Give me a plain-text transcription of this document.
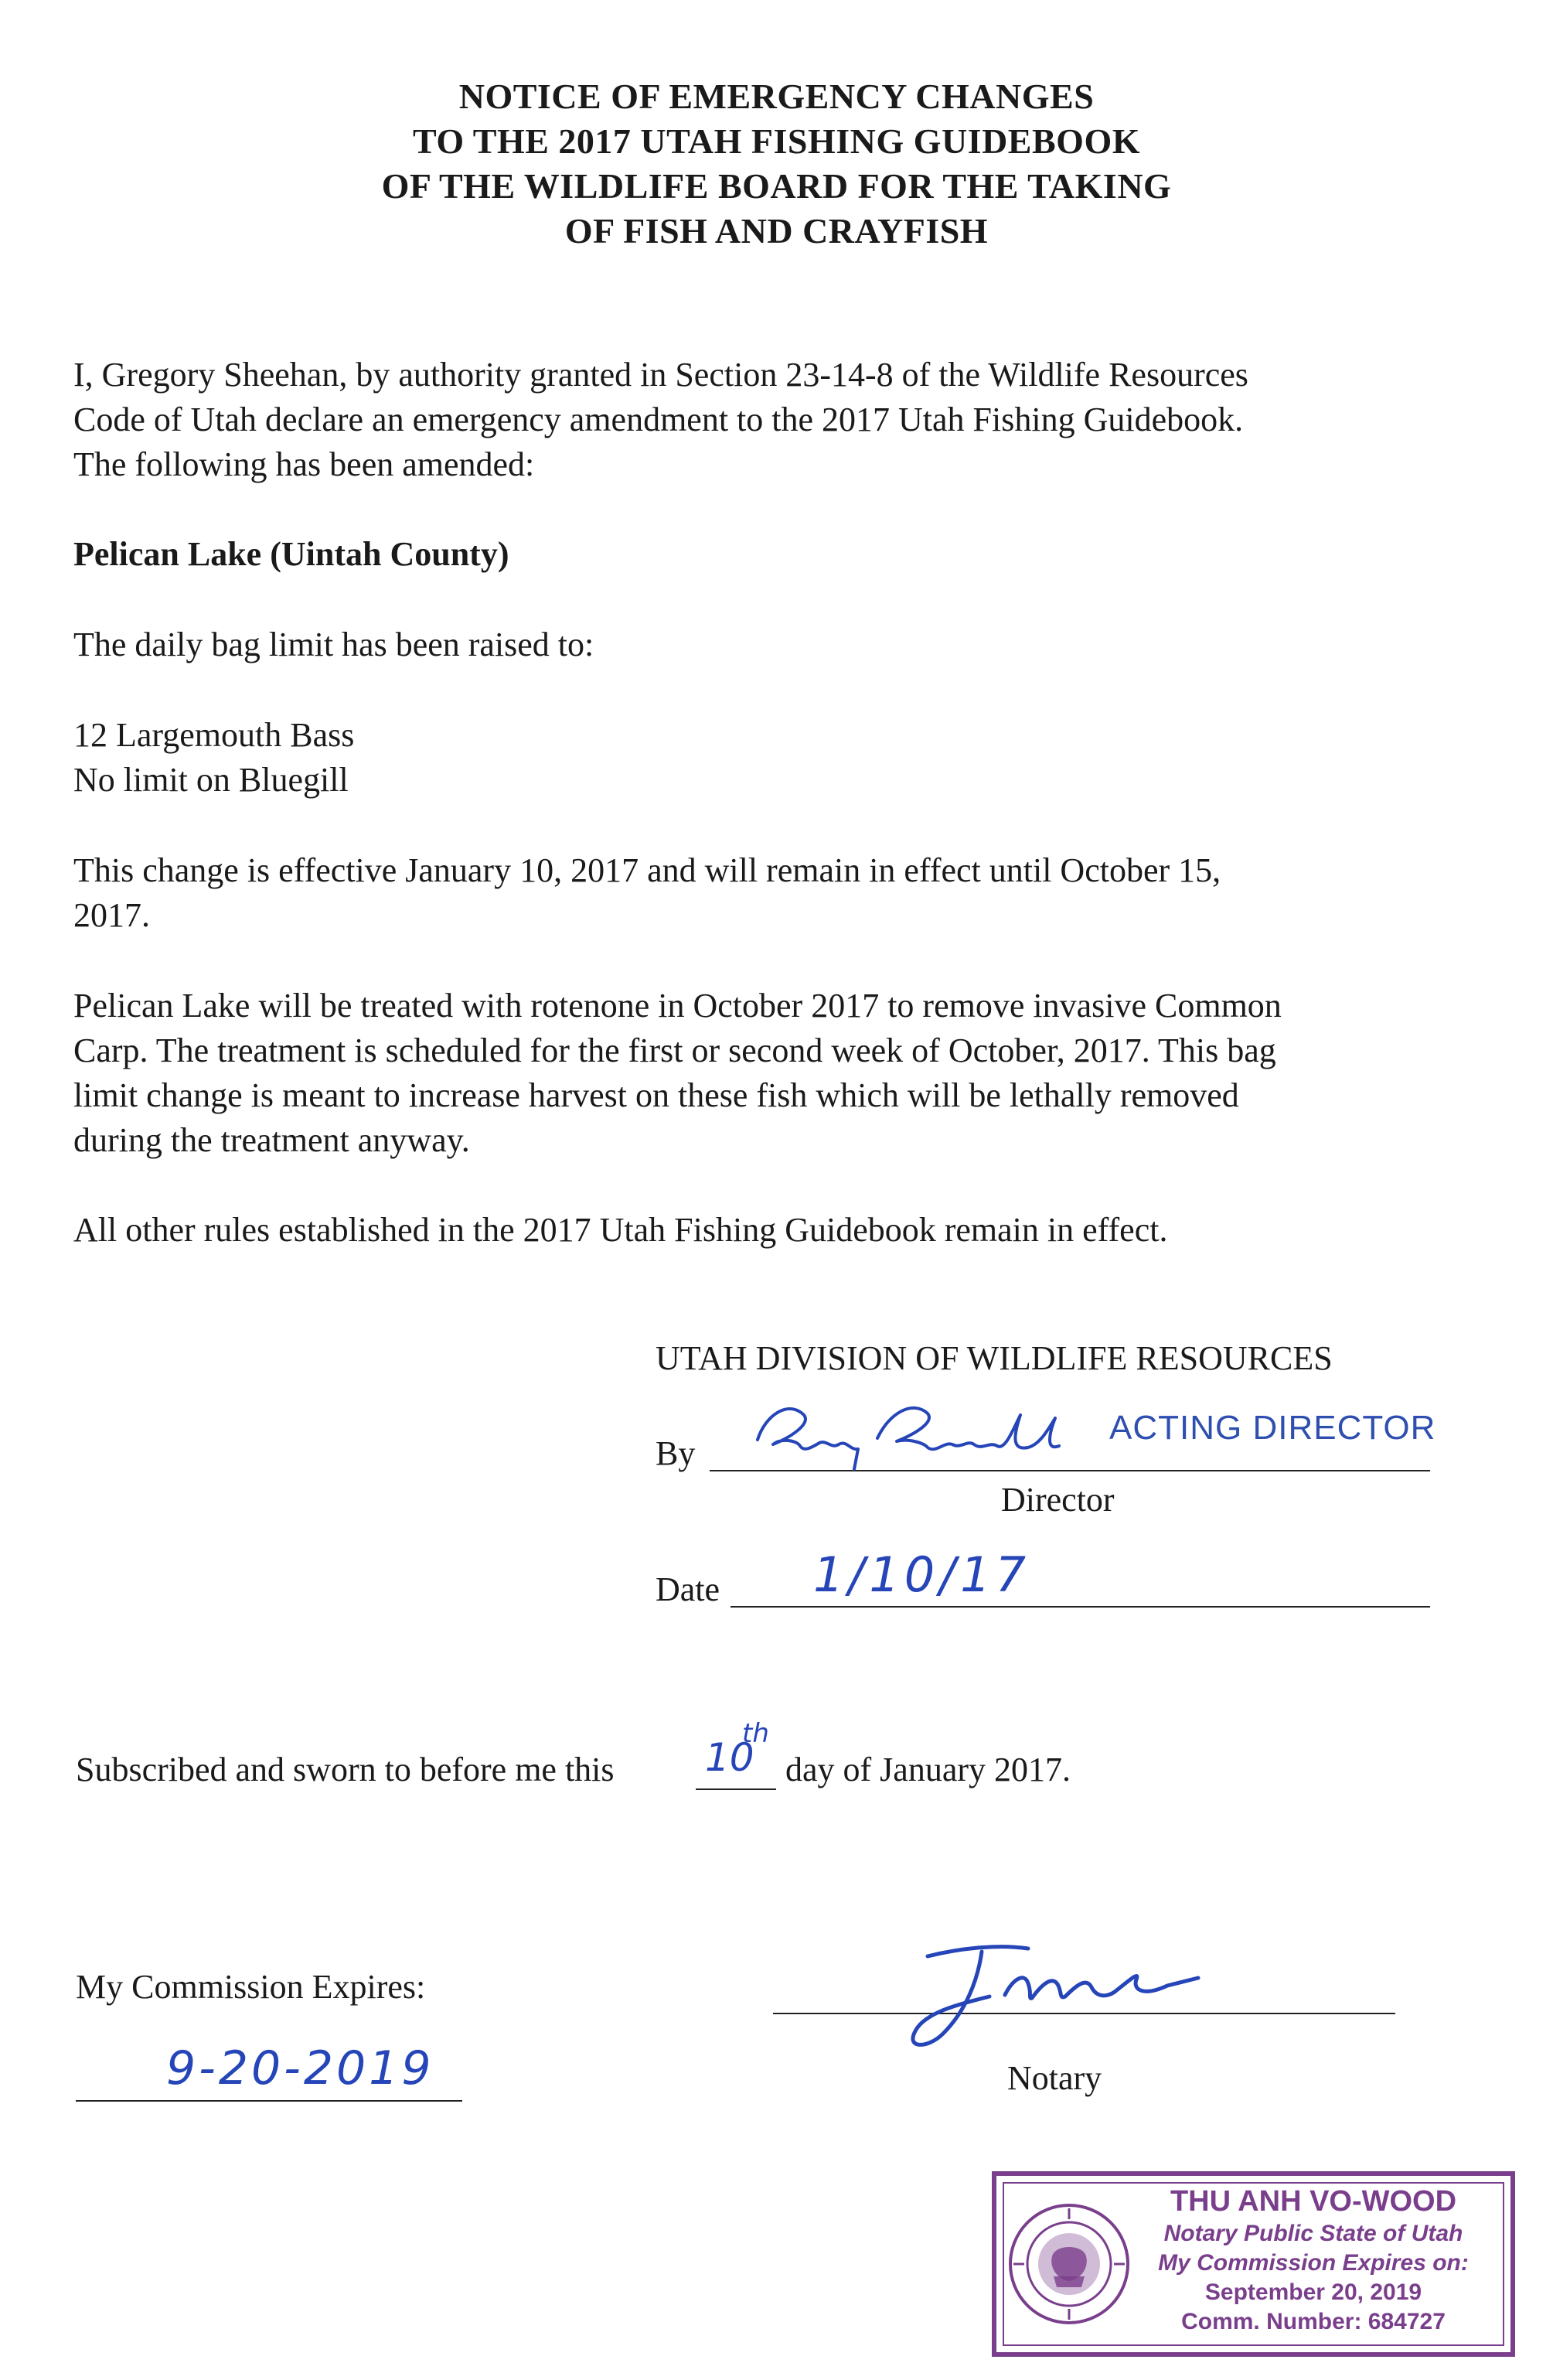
NOTICE OF EMERGENCY CHANGES
TO THE 2017 UTAH FISHING GUIDEBOOK
OF THE WILDLIFE BOARD FOR THE TAKING
OF FISH AND CRAYFISH
I, Gregory Sheehan, by authority granted in Section 23-14-8 of the Wildlife Resources
Code of Utah declare an emergency amendment to the 2017 Utah Fishing Guidebook.
The following has been amended:
Pelican Lake (Uintah County)
The daily bag limit has been raised to:
12 Largemouth Bass
No limit on Bluegill
This change is effective January 10, 2017 and will remain in effect until October 15,
2017.
Pelican Lake will be treated with rotenone in October 2017 to remove invasive Common
Carp. The treatment is scheduled for the first or second week of October, 2017. This bag
limit change is meant to increase harvest on these fish which will be lethally removed
during the treatment anyway.
All other rules established in the 2017 Utah Fishing Guidebook remain in effect.
UTAH DIVISION OF WILDLIFE RESOURCES
By
ACTING DIRECTOR
Director
Date 1/10/17
Subscribed and sworn to before me this 10
th
day of January 2017.
My Commission Expires:
9-20-2019	Notary
THU ANH VO-WOOD
Notary Public State of Utah
My Commission Expires on:
September 20, 2019
Comm. Number: 684727
